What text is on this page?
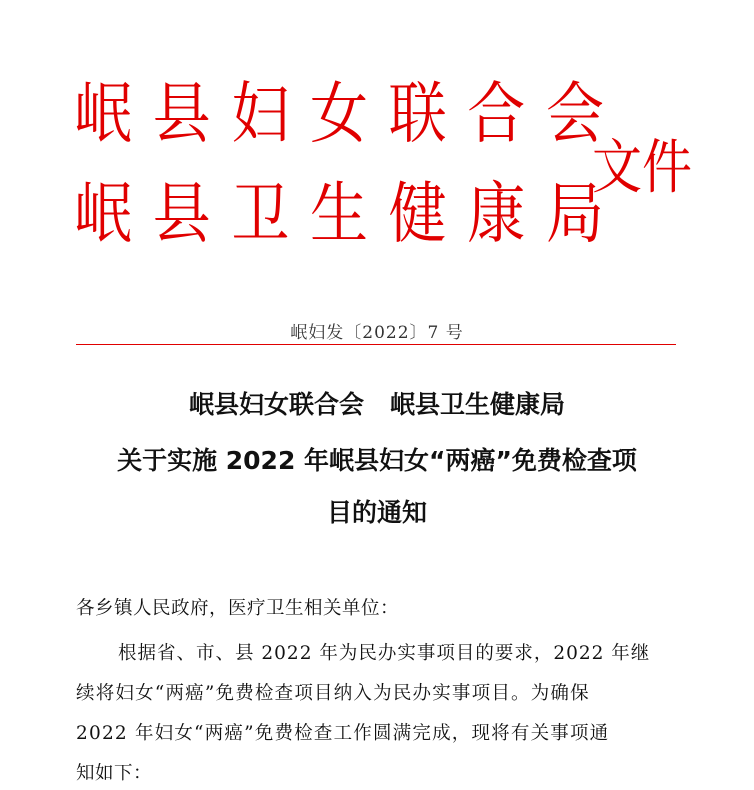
岷 县 妇 女 联 合 会
岷 县 卫 生 健 康 局
文件
岷妇发〔2022〕7 号
岷县妇女联合会 岷县卫生健康局
关于实施 2022 年岷县妇女“两癌”免费检查项
目的通知
各乡镇人民政府，医疗卫生相关单位：
根据省、市、县 2022 年为民办实事项目的要求，2022 年继
续将妇女“两癌”免费检查项目纳入为民办实事项目。为确保
2022 年妇女“两癌”免费检查工作圆满完成，现将有关事项通
知如下：
